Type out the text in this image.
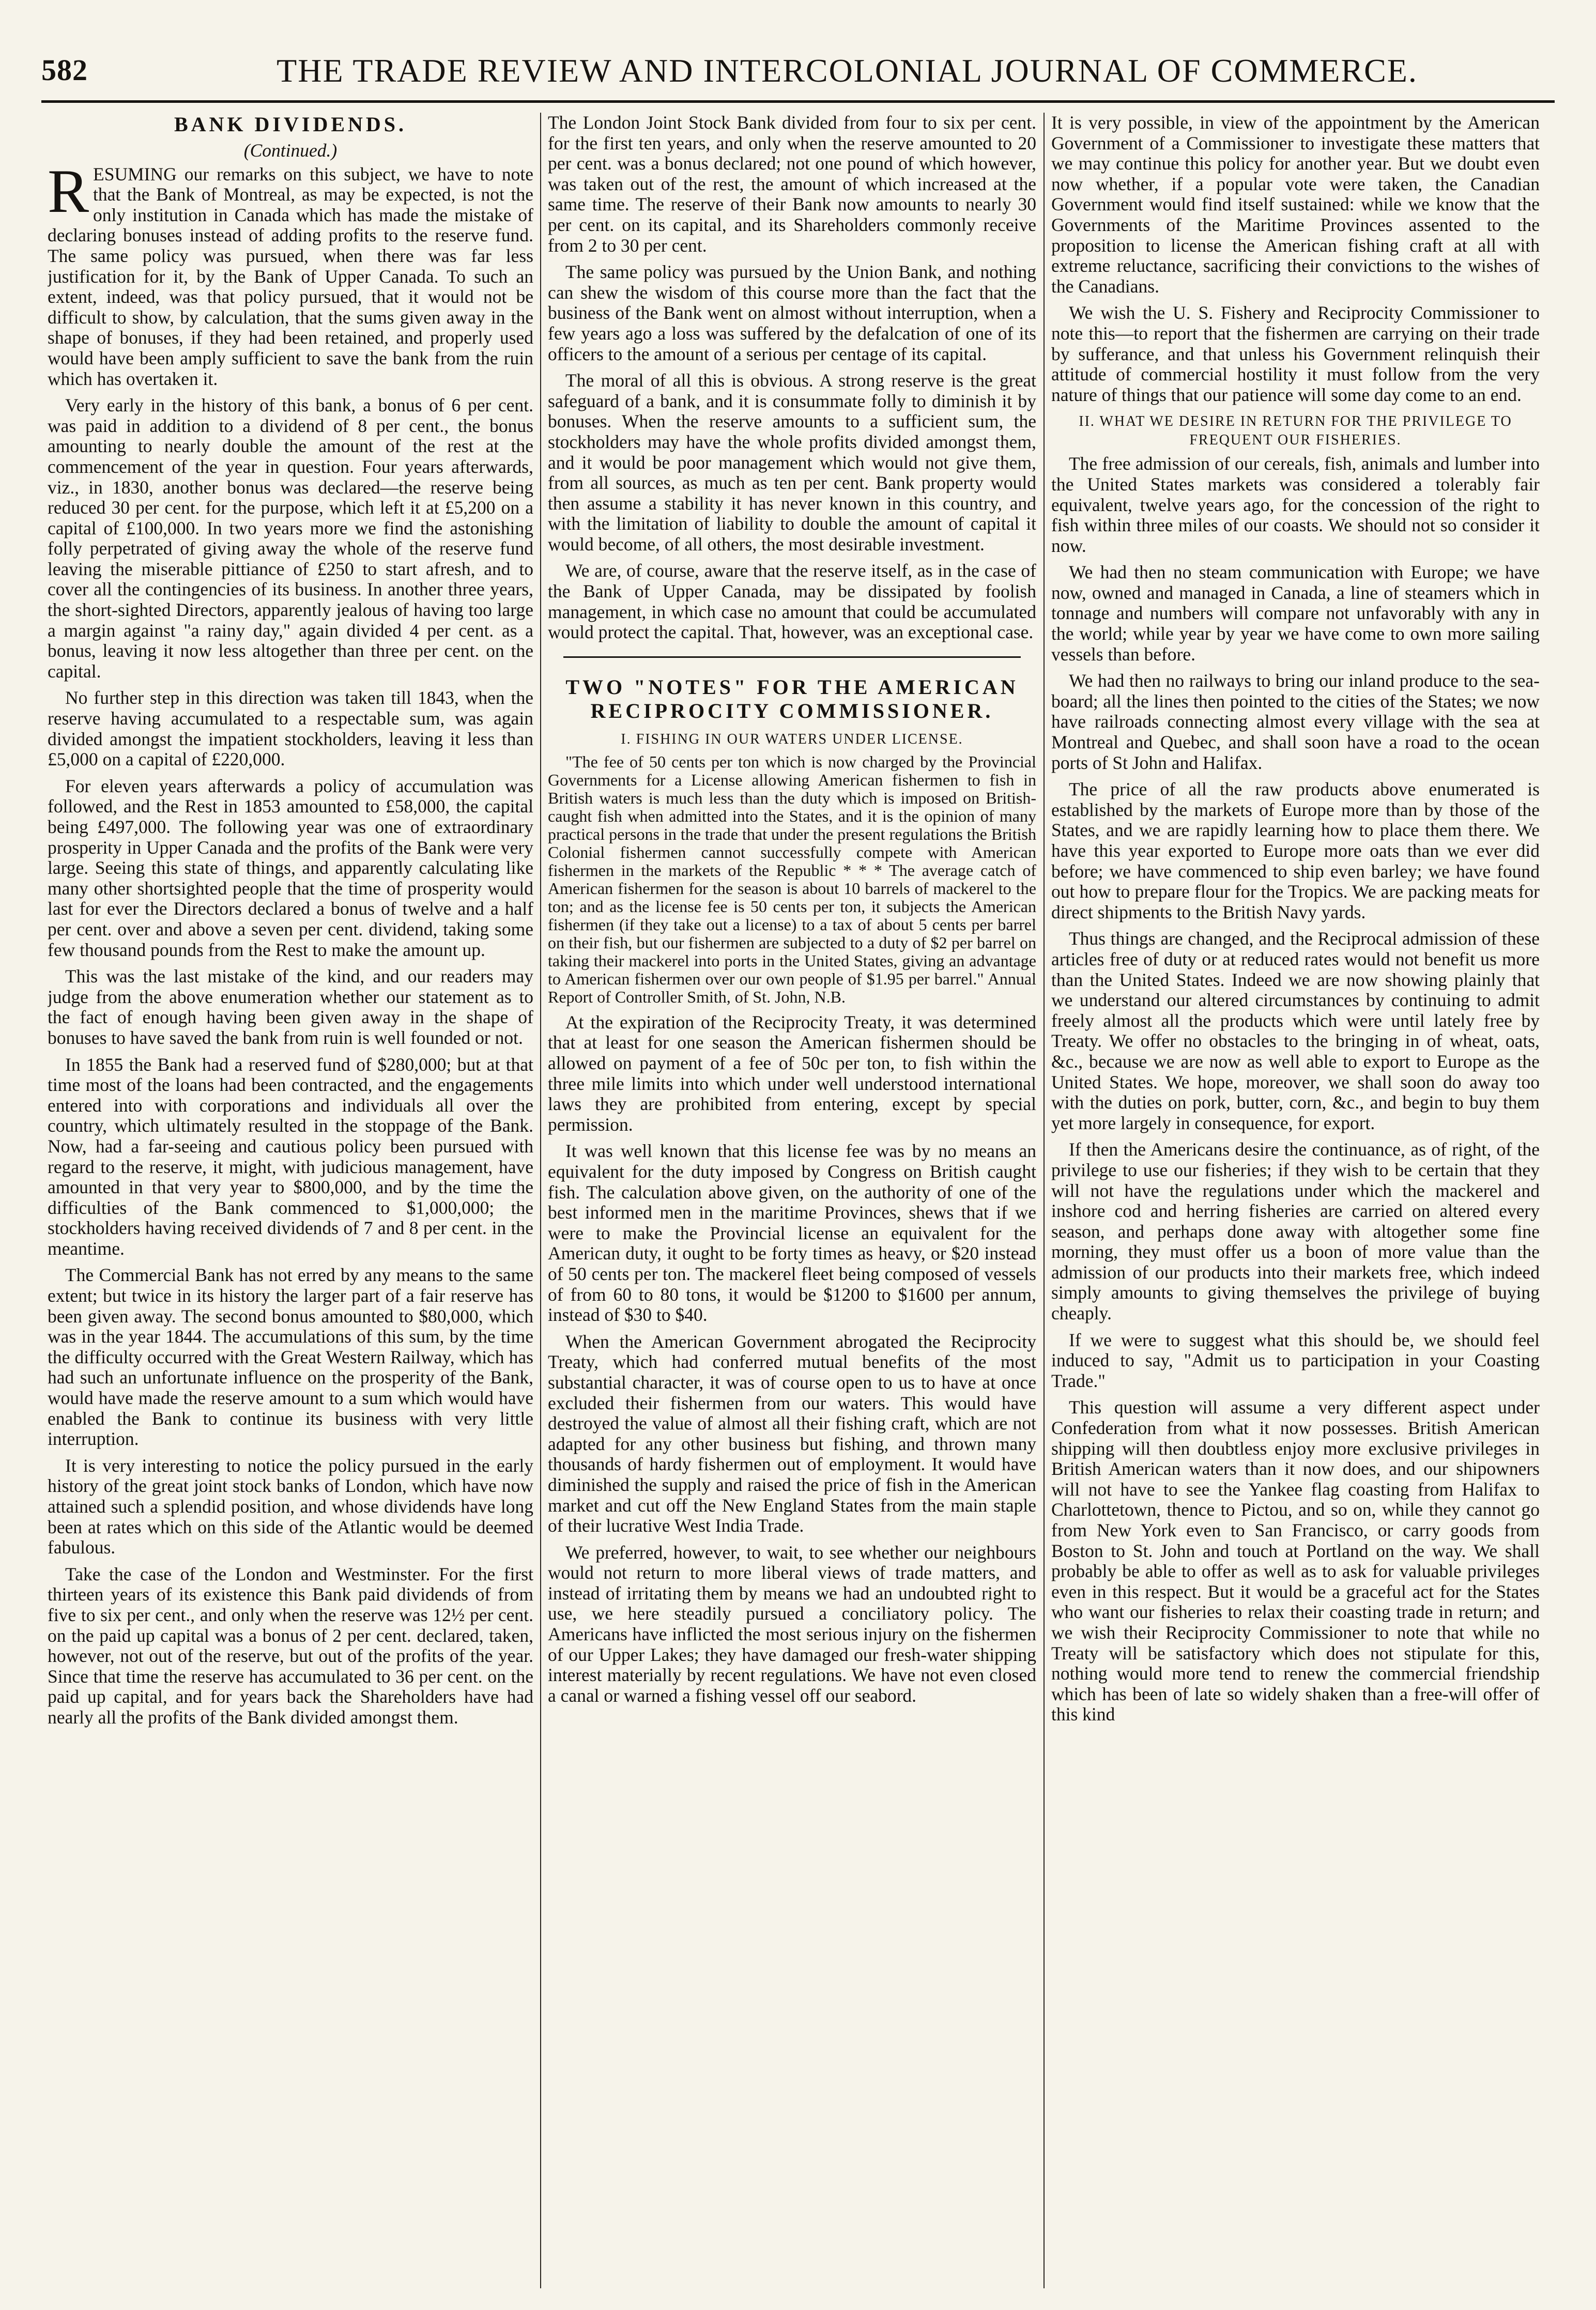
582	THE TRADE REVIEW AND INTERCOLONIAL JOURNAL OF COMMERCE.
BANK DIVIDENDS.
(Continued.)

RESUMING our remarks on this subject, we have to note that the Bank of Montreal, as may be expected, is not the only institution in Canada which has made the mistake of declaring bonuses instead of adding profits to the reserve fund. The same policy was pursued, when there was far less justification for it, by the Bank of Upper Canada. To such an extent, indeed, was that policy pursued, that it would not be difficult to show, by calculation, that the sums given away in the shape of bonuses, if they had been retained, and properly used would have been amply sufficient to save the bank from the ruin which has overtaken it.

Very early in the history of this bank, a bonus of 6 per cent. was paid in addition to a dividend of 8 per cent., the bonus amounting to nearly double the amount of the rest at the commencement of the year in question. Four years afterwards, viz., in 1830, another bonus was declared—the reserve being reduced 30 per cent. for the purpose, which left it at £5,200 on a capital of £100,000. In two years more we find the astonishing folly perpetrated of giving away the whole of the reserve fund leaving the miserable pittiance of £250 to start afresh, and to cover all the contingencies of its business. In another three years, the short-sighted Directors, apparently jealous of having too large a margin against "a rainy day," again divided 4 per cent. as a bonus, leaving it now less altogether than three per cent. on the capital.

No further step in this direction was taken till 1843, when the reserve having accumulated to a respectable sum, was again divided amongst the impatient stockholders, leaving it less than £5,000 on a capital of £220,000.

For eleven years afterwards a policy of accumulation was followed, and the Rest in 1853 amounted to £58,000, the capital being £497,000. The following year was one of extraordinary prosperity in Upper Canada and the profits of the Bank were very large. Seeing this state of things, and apparently calculating like many other shortsighted people that the time of prosperity would last for ever the Directors declared a bonus of twelve and a half per cent. over and above a seven per cent. dividend, taking some few thousand pounds from the Rest to make the amount up.

This was the last mistake of the kind, and our readers may judge from the above enumeration whether our statement as to the fact of enough having been given away in the shape of bonuses to have saved the bank from ruin is well founded or not.

In 1855 the Bank had a reserved fund of $280,000; but at that time most of the loans had been contracted, and the engagements entered into with corporations and individuals all over the country, which ultimately resulted in the stoppage of the Bank. Now, had a far-seeing and cautious policy been pursued with regard to the reserve, it might, with judicious management, have amounted in that very year to $800,000, and by the time the difficulties of the Bank commenced to $1,000,000; the stockholders having received dividends of 7 and 8 per cent. in the meantime.

The Commercial Bank has not erred by any means to the same extent; but twice in its history the larger part of a fair reserve has been given away. The second bonus amounted to $80,000, which was in the year 1844. The accumulations of this sum, by the time the difficulty occurred with the Great Western Railway, which has had such an unfortunate influence on the prosperity of the Bank, would have made the reserve amount to a sum which would have enabled the Bank to continue its business with very little interruption.

It is very interesting to notice the policy pursued in the early history of the great joint stock banks of London, which have now attained such a splendid position, and whose dividends have long been at rates which on this side of the Atlantic would be deemed fabulous.

Take the case of the London and Westminster. For the first thirteen years of its existence this Bank paid dividends of from five to six per cent., and only when the reserve was 12½ per cent. on the paid up capital was a bonus of 2 per cent. declared, taken, however, not out of the reserve, but out of the profits of the year. Since that time the reserve has accumulated to 36 per cent. on the paid up capital, and for years back the Shareholders have had nearly all the profits of the Bank divided amongst them.

The London Joint Stock Bank divided from four to six per cent. for the first ten years, and only when the reserve amounted to 20 per cent. was a bonus declared; not one pound of which however, was taken out of the rest, the amount of which increased at the same time. The reserve of their Bank now amounts to nearly 30 per cent. on its capital, and its Shareholders commonly receive from 2 to 30 per cent.

The same policy was pursued by the Union Bank, and nothing can shew the wisdom of this course more than the fact that the business of the Bank went on almost without interruption, when a few years ago a loss was suffered by the defalcation of one of its officers to the amount of a serious per centage of its capital.

The moral of all this is obvious. A strong reserve is the great safeguard of a bank, and it is consummate folly to diminish it by bonuses. When the reserve amounts to a sufficient sum, the stockholders may have the whole profits divided amongst them, and it would be poor management which would not give them, from all sources, as much as ten per cent. Bank property would then assume a stability it has never known in this country, and with the limitation of liability to double the amount of capital it would become, of all others, the most desirable investment.

We are, of course, aware that the reserve itself, as in the case of the Bank of Upper Canada, may be dissipated by foolish management, in which case no amount that could be accumulated would protect the capital. That, however, was an exceptional case.

TWO "NOTES" FOR THE AMERICAN RECIPROCITY COMMISSIONER.
I. FISHING IN OUR WATERS UNDER LICENSE.

"The fee of 50 cents per ton which is now charged by the Provincial Governments for a License allowing American fishermen to fish in British waters is much less than the duty which is imposed on British-caught fish when admitted into the States, and it is the opinion of many practical persons in the trade that under the present regulations the British Colonial fishermen cannot successfully compete with American fishermen in the markets of the Republic * * * The average catch of American fishermen for the season is about 10 barrels of mackerel to the ton; and as the license fee is 50 cents per ton, it subjects the American fishermen (if they take out a license) to a tax of about 5 cents per barrel on their fish, but our fishermen are subjected to a duty of $2 per barrel on taking their mackerel into ports in the United States, giving an advantage to American fishermen over our own people of $1.95 per barrel." Annual Report of Controller Smith, of St. John, N.B.

At the expiration of the Reciprocity Treaty, it was determined that at least for one season the American fishermen should be allowed on payment of a fee of 50c per ton, to fish within the three mile limits into which under well understood international laws they are prohibited from entering, except by special permission.

It was well known that this license fee was by no means an equivalent for the duty imposed by Congress on British caught fish. The calculation above given, on the authority of one of the best informed men in the maritime Provinces, shews that if we were to make the Provincial license an equivalent for the American duty, it ought to be forty times as heavy, or $20 instead of 50 cents per ton. The mackerel fleet being composed of vessels of from 60 to 80 tons, it would be $1200 to $1600 per annum, instead of $30 to $40.

When the American Government abrogated the Reciprocity Treaty, which had conferred mutual benefits of the most substantial character, it was of course open to us to have at once excluded their fishermen from our waters. This would have destroyed the value of almost all their fishing craft, which are not adapted for any other business but fishing, and thrown many thousands of hardy fishermen out of employment. It would have diminished the supply and raised the price of fish in the American market and cut off the New England States from the main staple of their lucrative West India Trade.

We preferred, however, to wait, to see whether our neighbours would not return to more liberal views of trade matters, and instead of irritating them by means we had an undoubted right to use, we here steadily pursued a conciliatory policy. The Americans have inflicted the most serious injury on the fishermen of our Upper Lakes; they have damaged our fresh-water shipping interest materially by recent regulations. We have not even closed a canal or warned a fishing vessel off our seabord.

It is very possible, in view of the appointment by the American Government of a Commissioner to investigate these matters that we may continue this policy for another year. But we doubt even now whether, if a popular vote were taken, the Canadian Government would find itself sustained: while we know that the Governments of the Maritime Provinces assented to the proposition to license the American fishing craft at all with extreme reluctance, sacrificing their convictions to the wishes of the Canadians.

We wish the U. S. Fishery and Reciprocity Commissioner to note this—to report that the fishermen are carrying on their trade by sufferance, and that unless his Government relinquish their attitude of commercial hostility it must follow from the very nature of things that our patience will some day come to an end.

II. WHAT WE DESIRE IN RETURN FOR THE PRIVILEGE TO FREQUENT OUR FISHERIES.

The free admission of our cereals, fish, animals and lumber into the United States markets was considered a tolerably fair equivalent, twelve years ago, for the concession of the right to fish within three miles of our coasts. We should not so consider it now.

We had then no steam communication with Europe; we have now, owned and managed in Canada, a line of steamers which in tonnage and numbers will compare not unfavorably with any in the world; while year by year we have come to own more sailing vessels than before.

We had then no railways to bring our inland produce to the sea-board; all the lines then pointed to the cities of the States; we now have railroads connecting almost every village with the sea at Montreal and Quebec, and shall soon have a road to the ocean ports of St John and Halifax.

The price of all the raw products above enumerated is established by the markets of Europe more than by those of the States, and we are rapidly learning how to place them there. We have this year exported to Europe more oats than we ever did before; we have commenced to ship even barley; we have found out how to prepare flour for the Tropics. We are packing meats for direct shipments to the British Navy yards.

Thus things are changed, and the Reciprocal admission of these articles free of duty or at reduced rates would not benefit us more than the United States. Indeed we are now showing plainly that we understand our altered circumstances by continuing to admit freely almost all the products which were until lately free by Treaty. We offer no obstacles to the bringing in of wheat, oats, &c., because we are now as well able to export to Europe as the United States. We hope, moreover, we shall soon do away too with the duties on pork, butter, corn, &c., and begin to buy them yet more largely in consequence, for export.

If then the Americans desire the continuance, as of right, of the privilege to use our fisheries; if they wish to be certain that they will not have the regulations under which the mackerel and inshore cod and herring fisheries are carried on altered every season, and perhaps done away with altogether some fine morning, they must offer us a boon of more value than the admission of our products into their markets free, which indeed simply amounts to giving themselves the privilege of buying cheaply.

If we were to suggest what this should be, we should feel induced to say, "Admit us to participation in your Coasting Trade."

This question will assume a very different aspect under Confederation from what it now possesses. British American shipping will then doubtless enjoy more exclusive privileges in British American waters than it now does, and our shipowners will not have to see the Yankee flag coasting from Halifax to Charlottetown, thence to Pictou, and so on, while they cannot go from New York even to San Francisco, or carry goods from Boston to St. John and touch at Portland on the way. We shall probably be able to offer as well as to ask for valuable privileges even in this respect. But it would be a graceful act for the States who want our fisheries to relax their coasting trade in return; and we wish their Reciprocity Commissioner to note that while no Treaty will be satisfactory which does not stipulate for this, nothing would more tend to renew the commercial friendship which has been of late so widely shaken than a free-will offer of this kind
